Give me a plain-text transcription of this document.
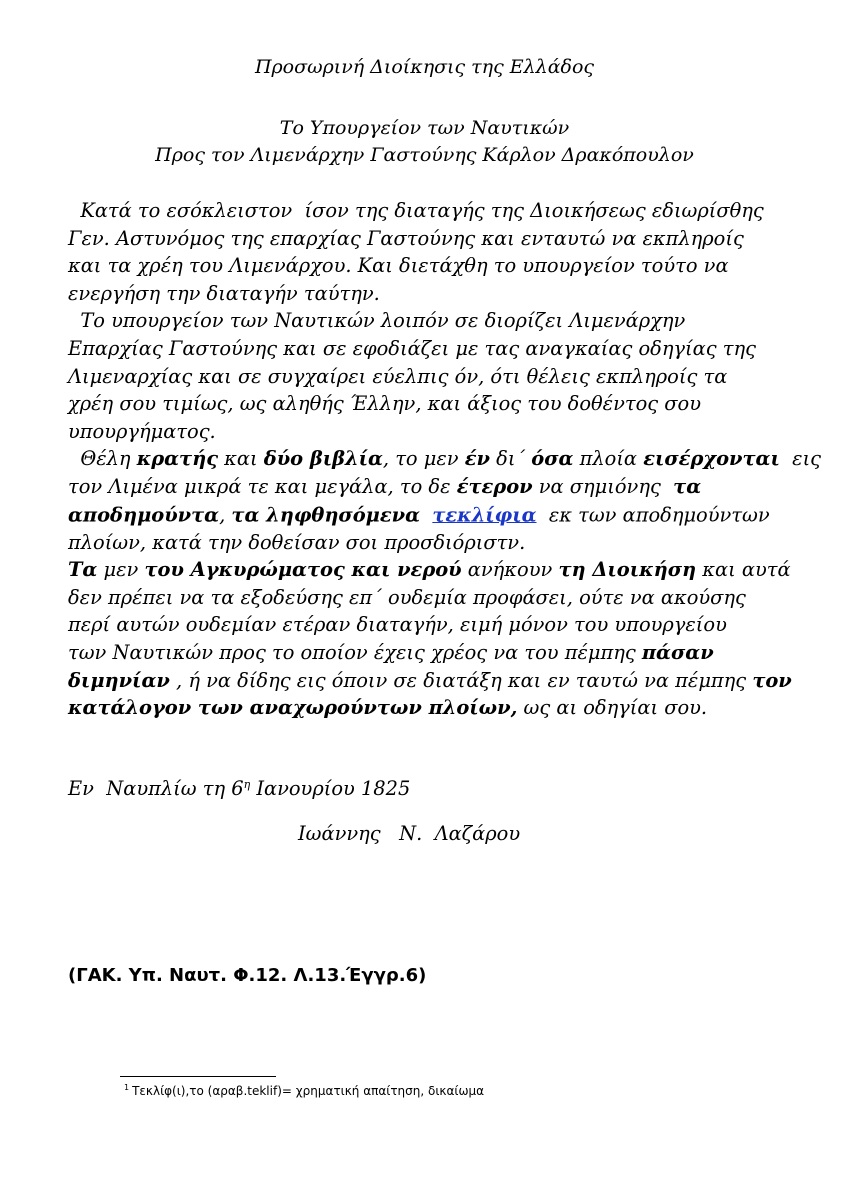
Προσωρινή Διοίκησις της Ελλάδος
Το Υπουργείον των Ναυτικών
Προς τον Λιμενάρχην Γαστούνης Κάρλον Δρακόπουλον

Κατά το εσόκλειστον  ίσον της διαταγής της Διοικήσεως εδιωρίσθης
Γεν. Αστυνόμος της επαρχίας Γαστούνης και ενταυτώ να εκπληροίς
και τα χρέη του Λιμενάρχου. Και διετάχθη το υπουργείον τούτο να
ενεργήση την διαταγήν ταύτην.

Το υπουργείον των Ναυτικών λοιπόν σε διορίζει Λιμενάρχην
Επαρχίας Γαστούνης και σε εφοδιάζει με τας αναγκαίας οδηγίας της
Λιμεναρχίας και σε συγχαίρει εύελπις όν, ότι θέλεις εκπληροίς τα
χρέη σου τιμίως, ως αληθής Έλλην, και άξιος του δοθέντος σου
υπουργήματος.

Θέλη κρατής και δύο βιβλία, το μεν έν δι΄ όσα πλοία εισέρχονται  εις
τον Λιμένα μικρά τε και μεγάλα, το δε έτερον να σημιόνης  τα
αποδημούντα, τα ληφθησόμενα τεκλίφια  εκ των αποδημούντων
πλοίων, κατά την δοθείσαν σοι προσδιόριστν.

Τα μεν του Αγκυρώματος και νερού ανήκουν τη Διοικήση και αυτά
δεν πρέπει να τα εξοδεύσης επ΄ ουδεμία προφάσει, ούτε να ακούσης
περί αυτών ουδεμίαν ετέραν διαταγήν, ειμή μόνον του υπουργείου
των Ναυτικών προς το οποίον έχεις χρέος να του πέμπης πάσαν
διμηνίαν , ή να δίδης εις όποιν σε διατάξη και εν ταυτώ να πέμπης τον
κατάλογον των αναχωρούντων πλοίων, ως αι οδηγίαι σου.

Εν  Ναυπλίω τη $6^\eta$ Ιανουρίου 1825
Ιωάννης   Ν.  Λαζάρου
(ΓΑΚ. Υπ. Ναυτ. Φ.12. Λ.13.Έγγρ.6)
$^1$ Τεκλίφ(ι),το (αραβ.teklif)= χρηματική απαίτηση, δικαίωμα
